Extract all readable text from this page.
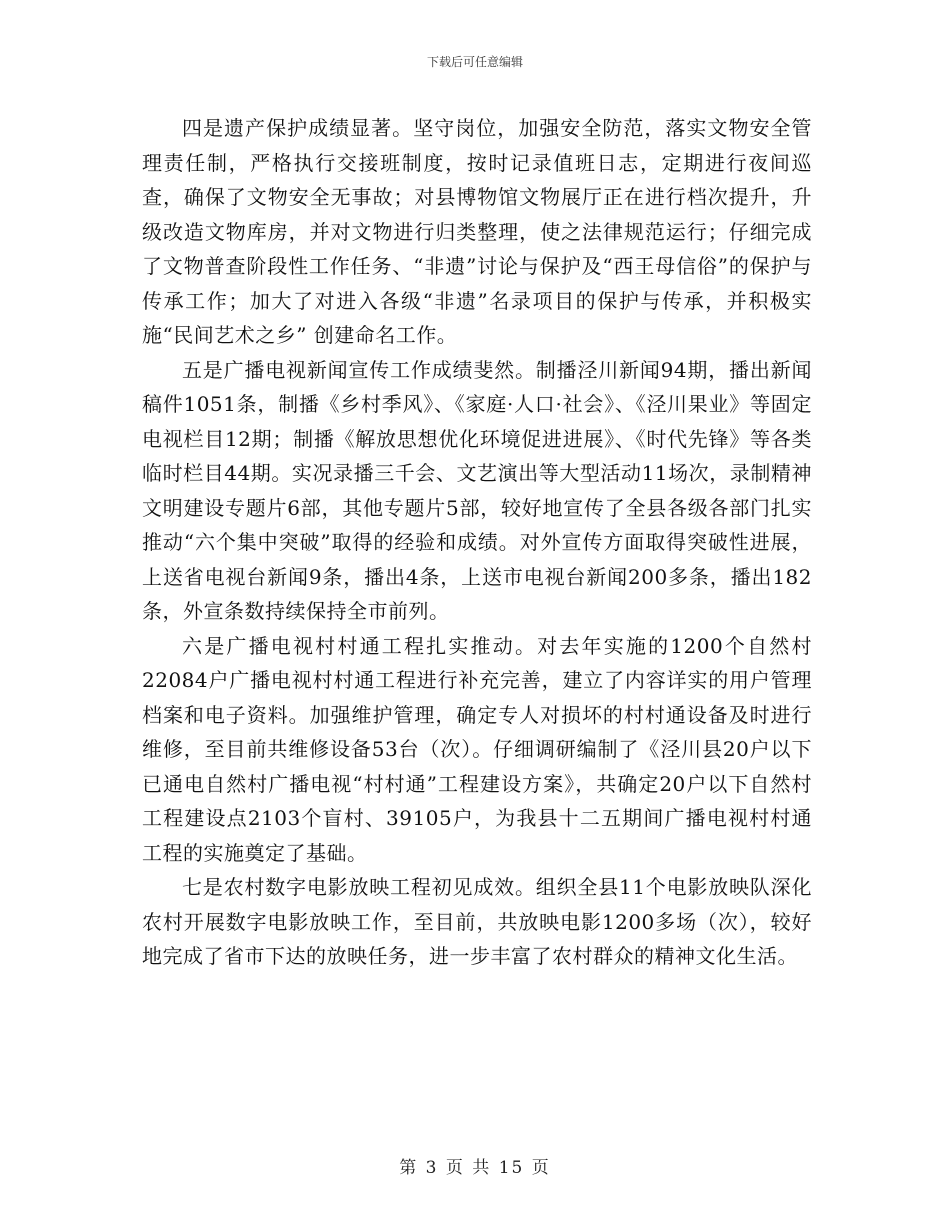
下载后可任意编辑

四是遗产保护成绩显著。坚守岗位，加强安全防范，落实文物安全管理责任制，严格执行交接班制度，按时记录值班日志，定期进行夜间巡查，确保了文物安全无事故；对县博物馆文物展厅正在进行档次提升，升级改造文物库房，并对文物进行归类整理，使之法律规范运行；仔细完成了文物普查阶段性工作任务、“非遗”讨论与保护及“西王母信俗”的保护与传承工作；加大了对进入各级“非遗”名录项目的保护与传承，并积极实施“民间艺术之乡” 创建命名工作。

五是广播电视新闻宣传工作成绩斐然。制播泾川新闻94期，播出新闻稿件1051条，制播《乡村季风》、《家庭·人口·社会》、《泾川果业》等固定电视栏目12期；制播《解放思想优化环境促进进展》、《时代先锋》等各类临时栏目44期。实况录播三千会、文艺演出等大型活动11场次，录制精神文明建设专题片6部，其他专题片5部，较好地宣传了全县各级各部门扎实推动“六个集中突破”取得的经验和成绩。对外宣传方面取得突破性进展，上送省电视台新闻9条，播出4条，上送市电视台新闻200多条，播出182条，外宣条数持续保持全市前列。

六是广播电视村村通工程扎实推动。对去年实施的1200个自然村22084户广播电视村村通工程进行补充完善，建立了内容详实的用户管理档案和电子资料。加强维护管理，确定专人对损坏的村村通设备及时进行维修，至目前共维修设备53台（次）。仔细调研编制了《泾川县20户以下已通电自然村广播电视“村村通”工程建设方案》，共确定20户以下自然村工程建设点2103个盲村、39105户，为我县十二五期间广播电视村村通工程的实施奠定了基础。

七是农村数字电影放映工程初见成效。组织全县11个电影放映队深化农村开展数字电影放映工作，至目前，共放映电影1200多场（次），较好地完成了省市下达的放映任务，进一步丰富了农村群众的精神文化生活。

第 3 页 共 15 页
